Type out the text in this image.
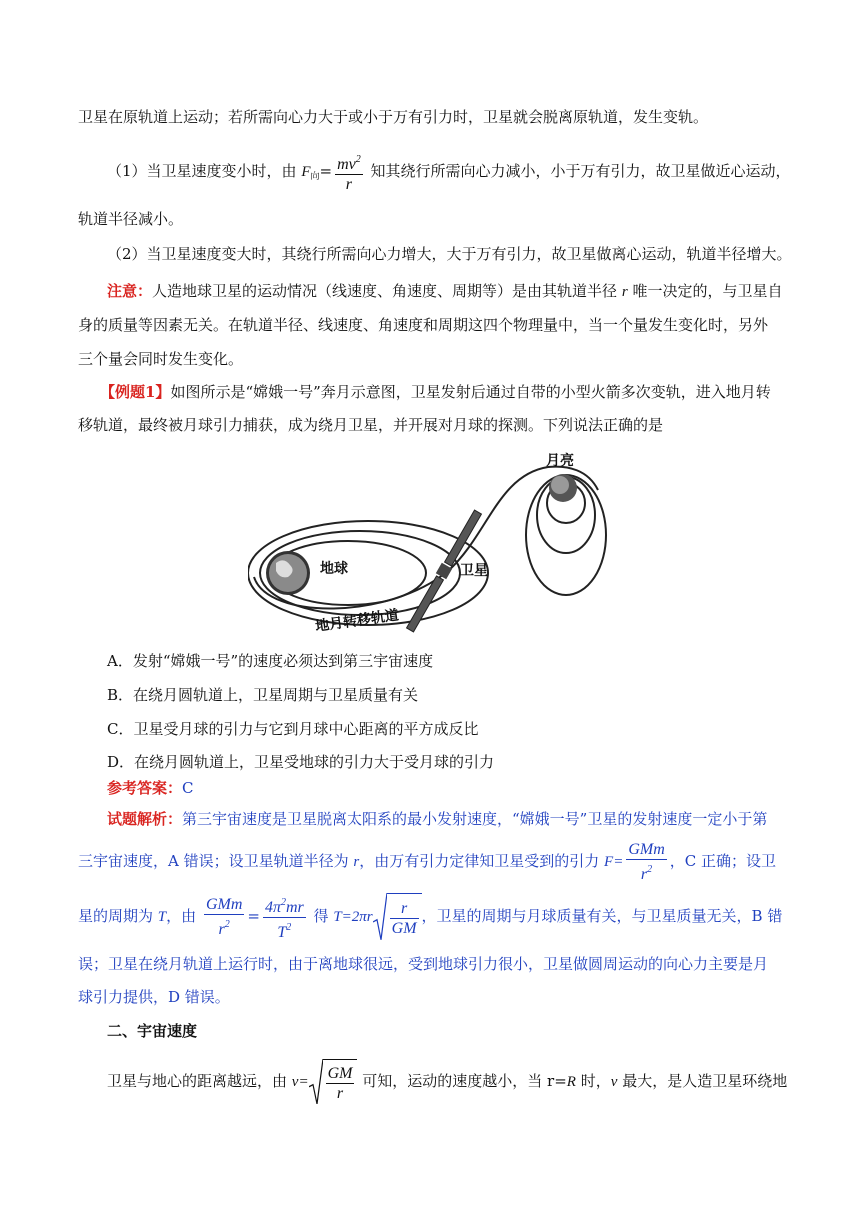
卫星在原轨道上运动；若所需向心力大于或小于万有引力时，卫星就会脱离原轨道，发生变轨。
（1）当卫星速度变小时，由 $F_向= \frac{mv^2}{r}$ 知其绕行所需向心力减小，小于万有引力，故卫星做近心运动，
轨道半径减小。
（2）当卫星速度变大时，其绕行所需向心力增大，大于万有引力，故卫星做离心运动，轨道半径增大。
注意：人造地球卫星的运动情况（线速度、角速度、周期等）是由其轨道半径 r 唯一决定的，与卫星自
身的质量等因素无关。在轨道半径、线速度、角速度和周期这四个物理量中，当一个量发生变化时，另外
三个量会同时发生变化。
【例题1】如图所示是“嫦娥一号”奔月示意图，卫星发射后通过自带的小型火箭多次变轨，进入地月转
移轨道，最终被月球引力捕获，成为绕月卫星，并开展对月球的探测。下列说法正确的是
地球
月亮
卫星
地月转移轨道
A．发射“嫦娥一号”的速度必须达到第三宇宙速度
B．在绕月圆轨道上，卫星周期与卫星质量有关
C．卫星受月球的引力与它到月球中心距离的平方成反比
D．在绕月圆轨道上，卫星受地球的引力大于受月球的引力
参考答案：C
试题解析：第三宇宙速度是卫星脱离太阳系的最小发射速度，“嫦娥一号”卫星的发射速度一定小于第
三宇宙速度，A 错误；设卫星轨道半径为 r，由万有引力定律知卫星受到的引力 $F= \frac{\text{GMm}}{r^2}$ ，C 正确；设卫
星的周期为 T，由 $\frac{\text{GMm}}{r^2} = \frac{4\pi^2mr}{T^2}$ 得 $T=2\pi r \frac{r}{GM}$ ，卫星的周期与月球质量有关，与卫星质量无关，B 错
误；卫星在绕月轨道上运行时，由于离地球很远，受到地球引力很小，卫星做圆周运动的向心力主要是月
球引力提供，D 错误。
二、宇宙速度
卫星与地心的距离越远，由 $v= \frac{GM}{r}$ 可知，运动的速度越小，当 r=R 时，v 最大，是人造卫星环绕地
